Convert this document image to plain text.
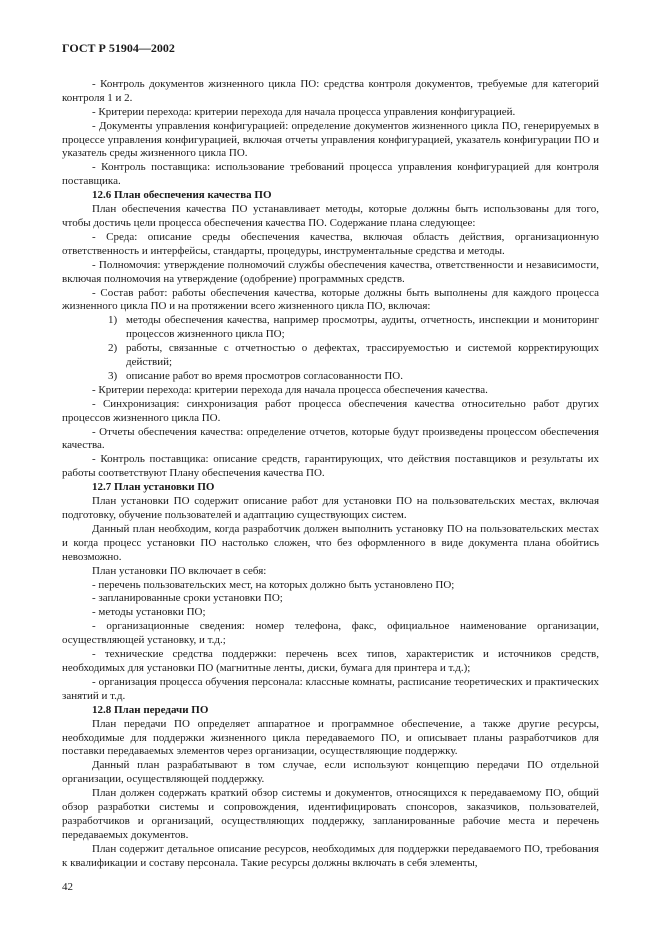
ГОСТ Р 51904—2002

- Контроль документов жизненного цикла ПО: средства контроля документов, требуемые для категорий контроля 1 и 2.

- Критерии перехода: критерии перехода для начала процесса управления конфигурацией.

- Документы управления конфигурацией: определение документов жизненного цикла ПО, генерируемых в процессе управления конфигурацией, включая отчеты управления конфигурацией, указатель конфигурации ПО и указатель среды жизненного цикла ПО.

- Контроль поставщика: использование требований процесса управления конфигурацией для контроля поставщика.

12.6 План обеспечения качества ПО

План обеспечения качества ПО устанавливает методы, которые должны быть использованы для того, чтобы достичь цели процесса обеспечения качества ПО. Содержание плана следующее:

- Среда: описание среды обеспечения качества, включая область действия, организационную ответственность и интерфейсы, стандарты, процедуры, инструментальные средства и методы.

- Полномочия: утверждение полномочий службы обеспечения качества, ответственности и независимости, включая полномочия на утверждение (одобрение) программных средств.

- Состав работ: работы обеспечения качества, которые должны быть выполнены для каждого процесса жизненного цикла ПО и на протяжении всего жизненного цикла ПО, включая:

1) методы обеспечения качества, например просмотры, аудиты, отчетность, инспекции и мониторинг процессов жизненного цикла ПО;
2) работы, связанные с отчетностью о дефектах, трассируемостью и системой корректирующих действий;
3) описание работ во время просмотров согласованности ПО.

- Критерии перехода: критерии перехода для начала процесса обеспечения качества.

- Синхронизация: синхронизация работ процесса обеспечения качества относительно работ других процессов жизненного цикла ПО.

- Отчеты обеспечения качества: определение отчетов, которые будут произведены процессом обеспечения качества.

- Контроль поставщика: описание средств, гарантирующих, что действия поставщиков и результаты их работы соответствуют Плану обеспечения качества ПО.

12.7 План установки ПО

План установки ПО содержит описание работ для установки ПО на пользовательских местах, включая подготовку, обучение пользователей и адаптацию существующих систем.

Данный план необходим, когда разработчик должен выполнить установку ПО на пользовательских местах и когда процесс установки ПО настолько сложен, что без оформленного в виде документа плана обойтись невозможно.

План установки ПО включает в себя:

- перечень пользовательских мест, на которых должно быть установлено ПО;

- запланированные сроки установки ПО;

- методы установки ПО;

- организационные сведения: номер телефона, факс, официальное наименование организации, осуществляющей установку, и т.д.;

- технические средства поддержки: перечень всех типов, характеристик и источников средств, необходимых для установки ПО (магнитные ленты, диски, бумага для принтера и т.д.);

- организация процесса обучения персонала: классные комнаты, расписание теоретических и практических занятий и т.д.

12.8 План передачи ПО

План передачи ПО определяет аппаратное и программное обеспечение, а также другие ресурсы, необходимые для поддержки жизненного цикла передаваемого ПО, и описывает планы разработчиков для поставки передаваемых элементов через организации, осуществляющие поддержку.

Данный план разрабатывают в том случае, если используют концепцию передачи ПО отдельной организации, осуществляющей поддержку.

План должен содержать краткий обзор системы и документов, относящихся к передаваемому ПО, общий обзор разработки системы и сопровождения, идентифицировать спонсоров, заказчиков, пользователей, разработчиков и организаций, осуществляющих поддержку, запланированные рабочие места и перечень передаваемых документов.

План содержит детальное описание ресурсов, необходимых для поддержки передаваемого ПО, требования к квалификации и составу персонала. Такие ресурсы должны включать в себя элементы,

42
